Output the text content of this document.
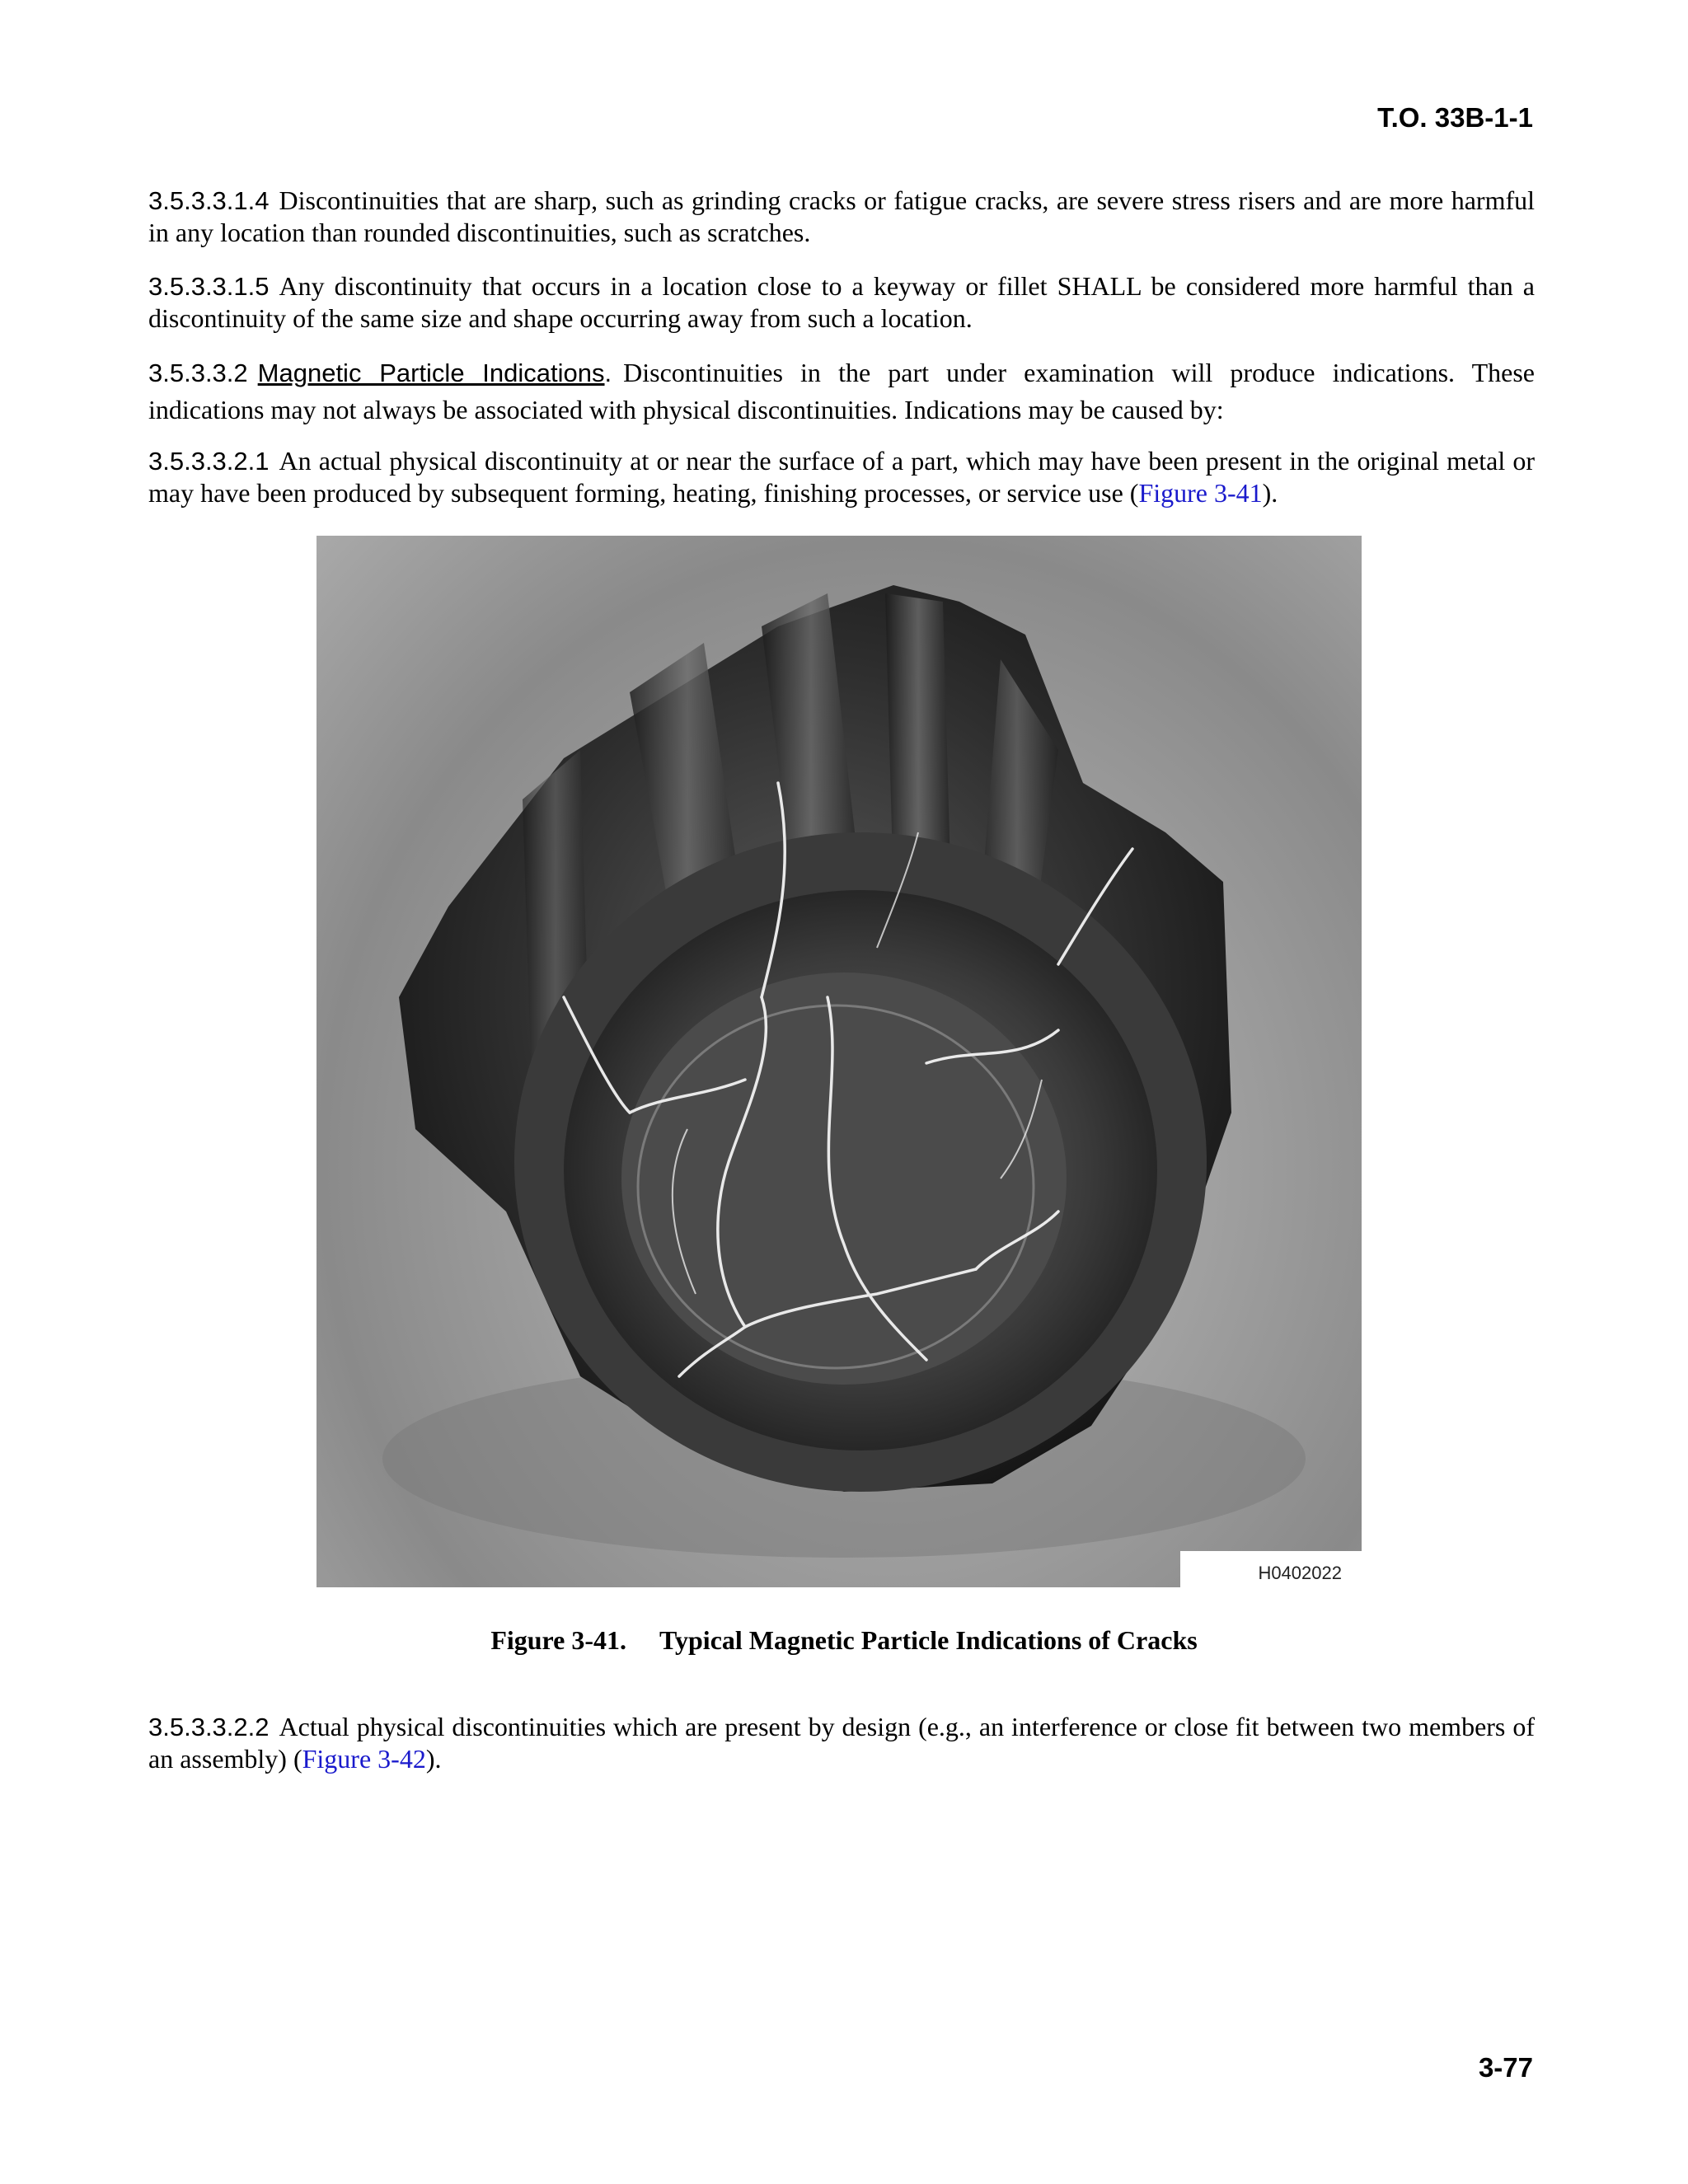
T.O. 33B-1-1

3.5.3.3.1.4 Discontinuities that are sharp, such as grinding cracks or fatigue cracks, are severe stress risers and are more harmful in any location than rounded discontinuities, such as scratches.

3.5.3.3.1.5 Any discontinuity that occurs in a location close to a keyway or fillet SHALL be considered more harmful than a discontinuity of the same size and shape occurring away from such a location.

3.5.3.3.2 Magnetic Particle Indications. Discontinuities in the part under examination will produce indications. These indications may not always be associated with physical discontinuities. Indications may be caused by:

3.5.3.3.2.1 An actual physical discontinuity at or near the surface of a part, which may have been present in the original metal or may have been produced by subsequent forming, heating, finishing processes, or service use (Figure 3-41).

H0402022
Figure 3-41. Typical Magnetic Particle Indications of Cracks

3.5.3.3.2.2 Actual physical discontinuities which are present by design (e.g., an interference or close fit between two members of an assembly) (Figure 3-42).

3-77
